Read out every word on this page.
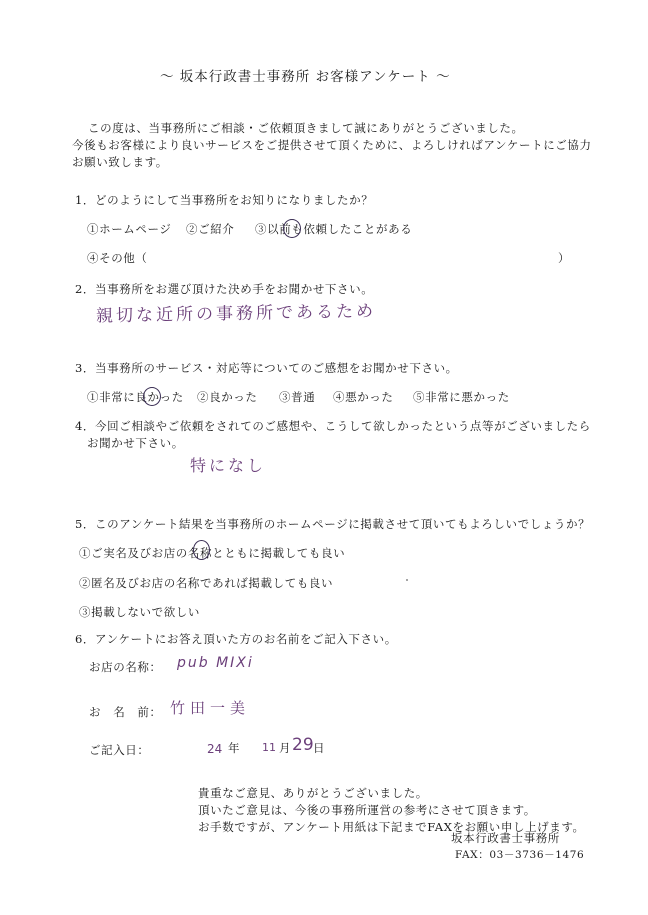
〜 坂本行政書士事務所 お客様アンケート 〜
この度は、当事務所にご相談・ご依頼頂きまして誠にありがとうございました。
今後もお客様により良いサービスをご提供させて頂くために、よろしければアンケートにご協力
お願い致します。
1．どのようにして当事務所をお知りになりましたか？
①ホームページ ②ご紹介 ③以前も依頼したことがある
④その他（	）
2．当事務所をお選び頂けた決め手をお聞かせ下さい。
親切な近所の事務所であるため
3．当事務所のサービス・対応等についてのご感想をお聞かせ下さい。
①非常に良かった ②良かった ③普通 ④悪かった ⑤非常に悪かった
4．今回ご相談やご依頼をされてのご感想や、こうして欲しかったという点等がございましたら
お聞かせ下さい。
特になし
5．このアンケート結果を当事務所のホームページに掲載させて頂いてもよろしいでしょうか？
①ご実名及びお店の名称とともに掲載しても良い
②匿名及びお店の名称であれば掲載しても良い
③掲載しないで欲しい
6．アンケートにお答え頂いた方のお名前をご記入下さい。
お店の名称： pub MIXi
お　名　前： 竹田一美
ご記入日：	24 年 11 月 29 日
貴重なご意見、ありがとうございました。
頂いたご意見は、今後の事務所運営の参考にさせて頂きます。
お手数ですが、アンケート用紙は下記までFAXをお願い申し上げます。
坂本行政書士事務所
FAX：03－3736－1476
